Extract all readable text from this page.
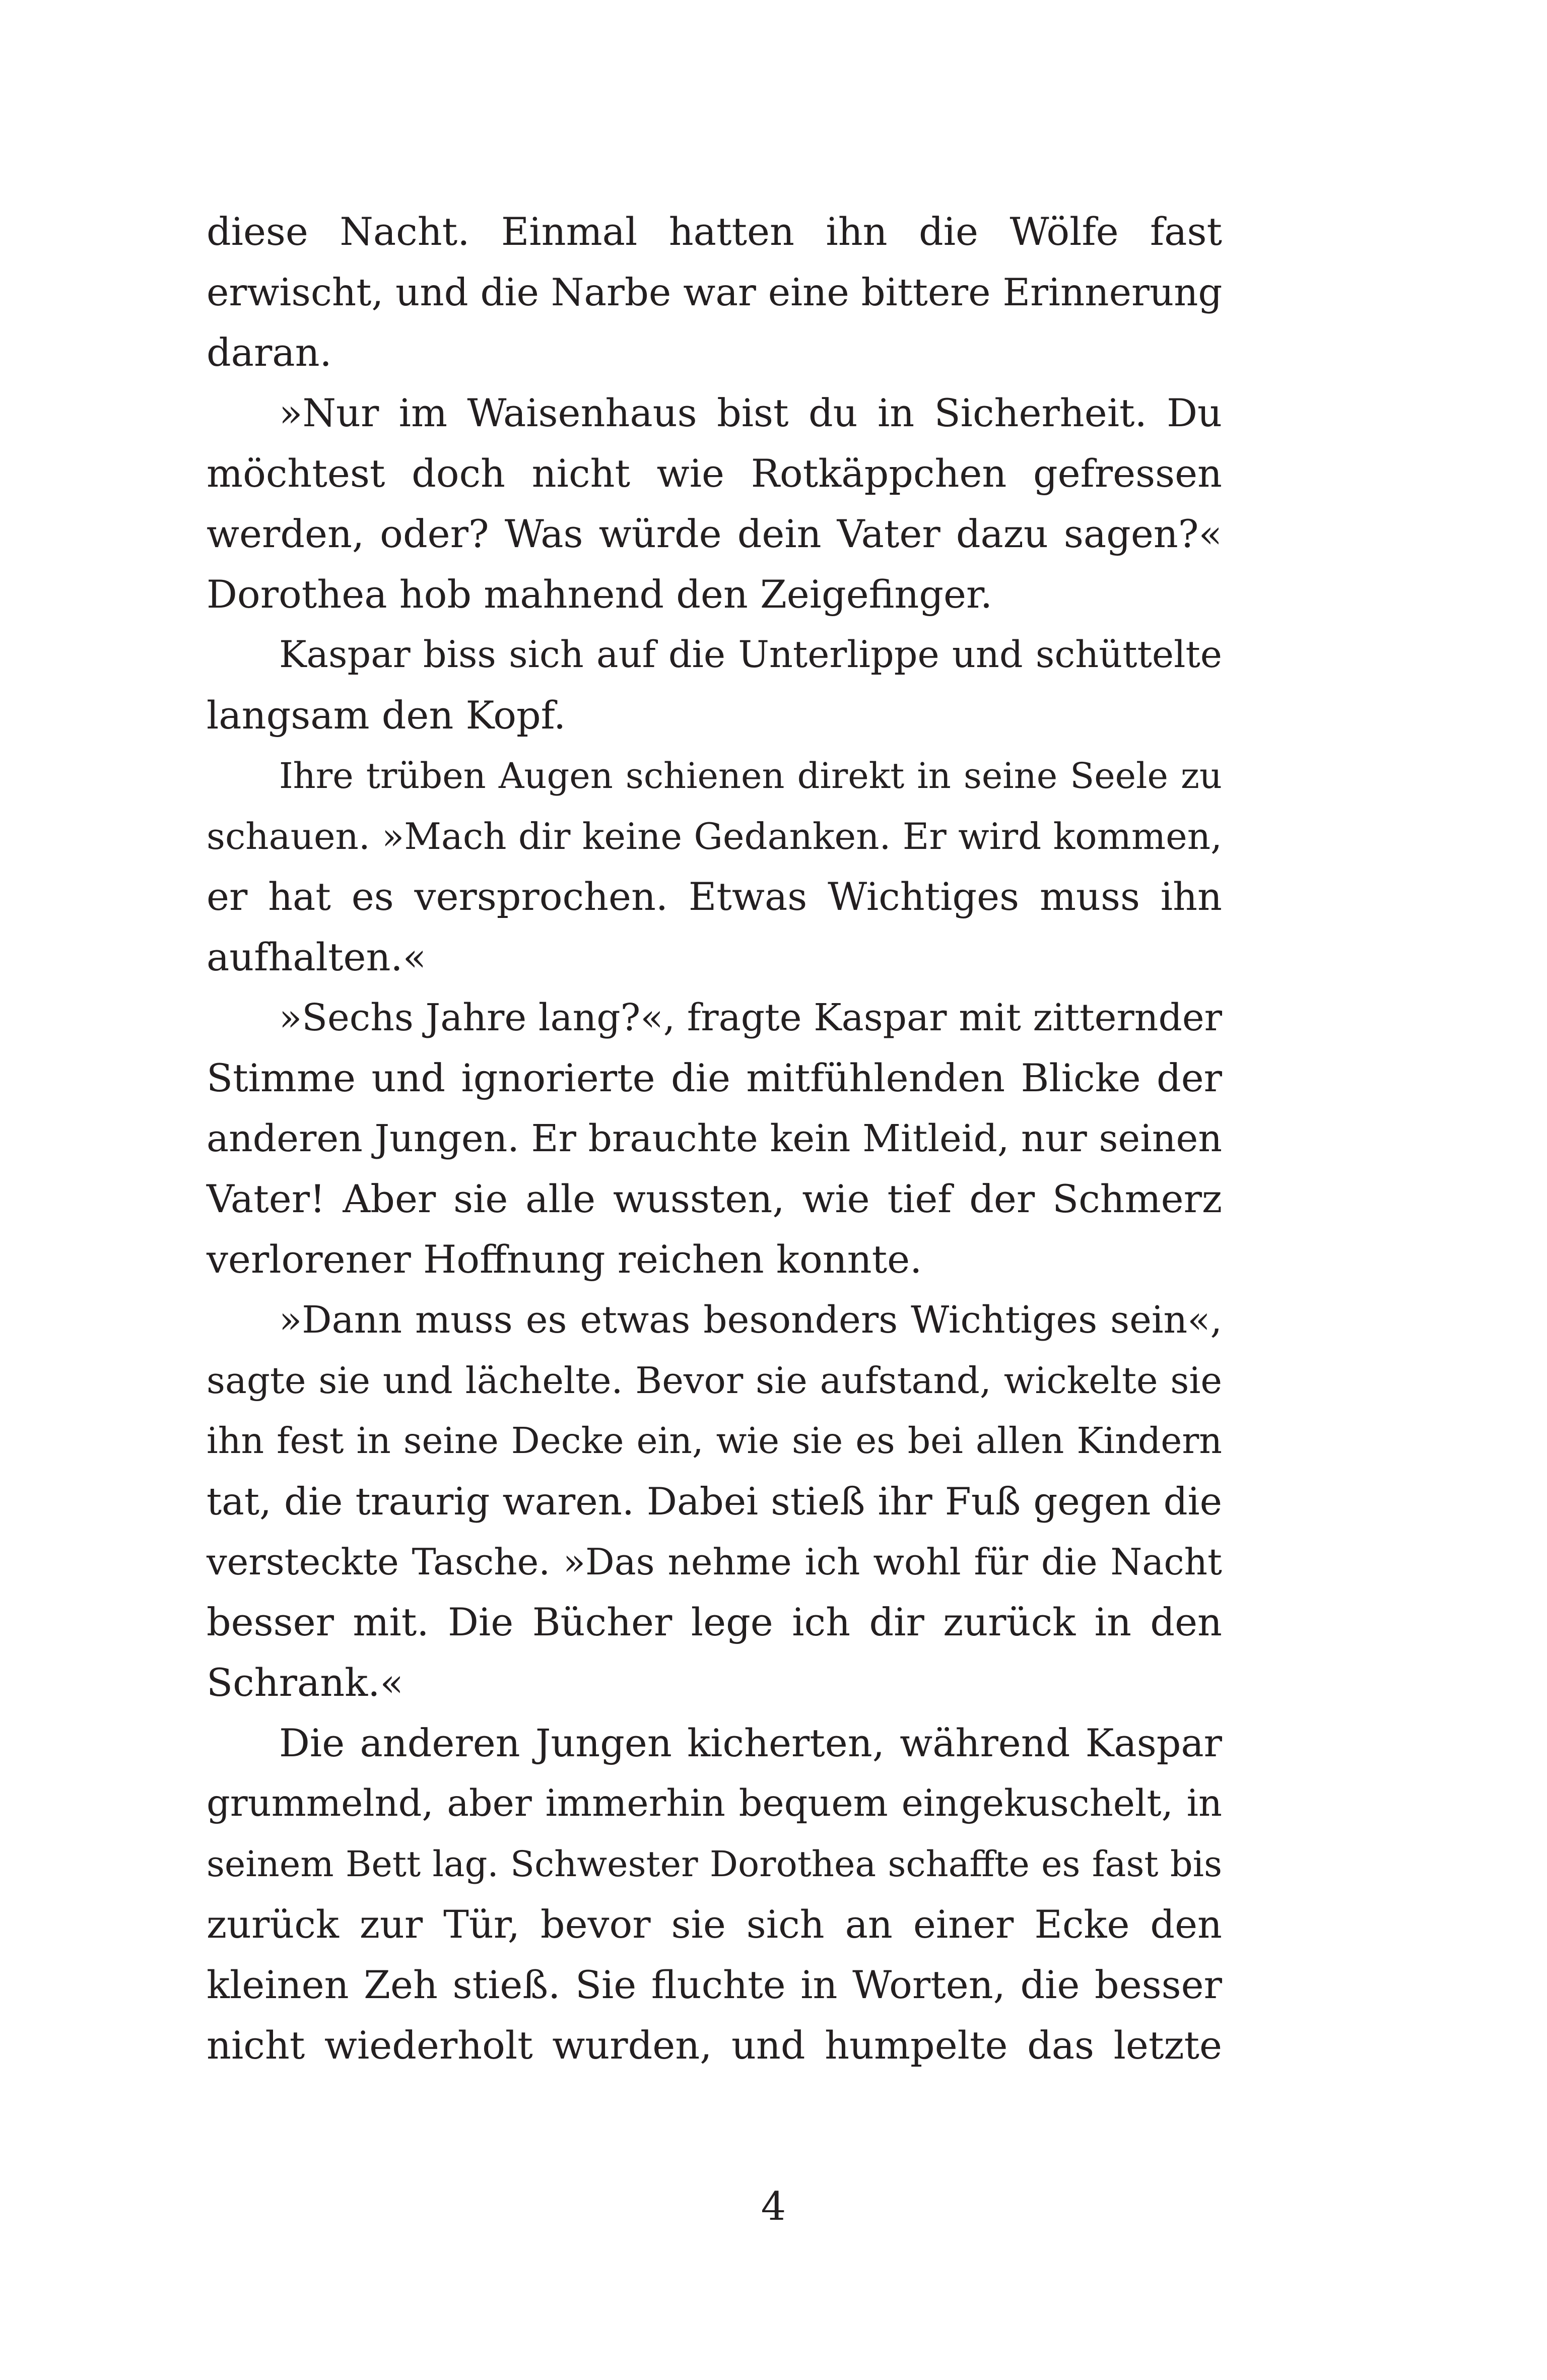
diese Nacht. Einmal hatten ihn die Wölfe fast
erwischt, und die Narbe war eine bittere Erinnerung
daran.
»Nur im Waisenhaus bist du in Sicherheit. Du
möchtest doch nicht wie Rotkäppchen gefressen
werden, oder? Was würde dein Vater dazu sagen?«
Dorothea hob mahnend den Zeigefinger.
Kaspar biss sich auf die Unterlippe und schüttelte
langsam den Kopf.
Ihre trüben Augen schienen direkt in seine Seele zu
schauen. »Mach dir keine Gedanken. Er wird kommen,
er hat es versprochen. Etwas Wichtiges muss ihn
aufhalten.«
»Sechs Jahre lang?«, fragte Kaspar mit zitternder
Stimme und ignorierte die mitfühlenden Blicke der
anderen Jungen. Er brauchte kein Mitleid, nur seinen
Vater! Aber sie alle wussten, wie tief der Schmerz
verlorener Hoffnung reichen konnte.
»Dann muss es etwas besonders Wichtiges sein«,
sagte sie und lächelte. Bevor sie aufstand, wickelte sie
ihn fest in seine Decke ein, wie sie es bei allen Kindern
tat, die traurig waren. Dabei stieß ihr Fuß gegen die
versteckte Tasche. »Das nehme ich wohl für die Nacht
besser mit. Die Bücher lege ich dir zurück in den
Schrank.«
Die anderen Jungen kicherten, während Kaspar
grummelnd, aber immerhin bequem eingekuschelt, in
seinem Bett lag. Schwester Dorothea schaffte es fast bis
zurück zur Tür, bevor sie sich an einer Ecke den
kleinen Zeh stieß. Sie fluchte in Worten, die besser
nicht wiederholt wurden, und humpelte das letzte
4
